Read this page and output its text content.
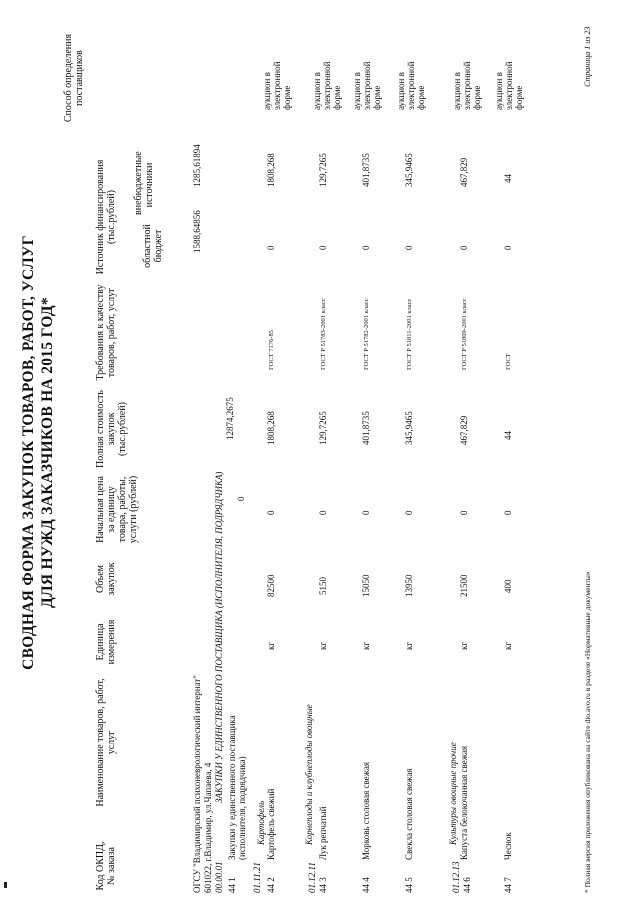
СВОДНАЯ ФОРМА ЗАКУПОК ТОВАРОВ, РАБОТ, УСЛУГ ДЛЯ НУЖД ЗАКАЗЧИКОВ НА 2015 ГОД*
Код ОКПД, № заказа
Наименование товаров, работ, услуг
Единица измерения
Объем закупок
Начальная цена за единицу товара, работы, услуги (рублей)
Полная стоимость закупок (тыс.рублей)
Требования к качеству товаров, работ, услуг
Источник финансирования (тыс.рублей)
областной бюджет
внебюджетные источники
Способ определения поставщиков
ОГСУ "Владимирский психоневрологический интернат" 601022, г.Владимир, ул.Чапаева, 4
1588,64856
1285,61894
00.00.01
ЗАКУПКИ У ЕДИНСТВЕННОГО ПОСТАВЩИКА (ИСПОЛНИТЕЛЯ, ПОДРЯДЧИКА)
12874,2675
44 1
Закупки у единственного поставщика (исполнителя, подрядчика)
0
01.11.21
Картофель
44 2
Картофель свежий
кг
82500
0
1808,268
ГОСТ 7176-85
0
1808,268
аукцион в электронной форме
01.12.11
Корнеплоды и клубнеплоды овощные
44 3
Лук репчатый
кг
5150
0
129,7265
ГОСТ Р 51783-2001 класс
0
129,7265
аукцион в электронной форме
44 4
Морковь столовая свежая
кг
15050
0
401,8735
ГОСТ Р 51782-2001 класс
0
401,8735
аукцион в электронной форме
44 5
Свекла столовая свежая
кг
13950
0
345,9465
ГОСТ Р 51811-2001 класс
0
345,9465
аукцион в электронной форме
01.12.13
Культуры овощные прочие
44 6
Капуста белокочанная свежая
кг
21500
0
467,829
ГОСТ Р 51809-2001 класс
0
467,829
аукцион в электронной форме
44 7
Чеснок
кг
400
0
44
ГОСТ
0
44
аукцион в электронной форме
* Полная версия приложения опубликована на сайте dio.avo.ru в разделе «Нормативные документы»
Страница 1 из 23
